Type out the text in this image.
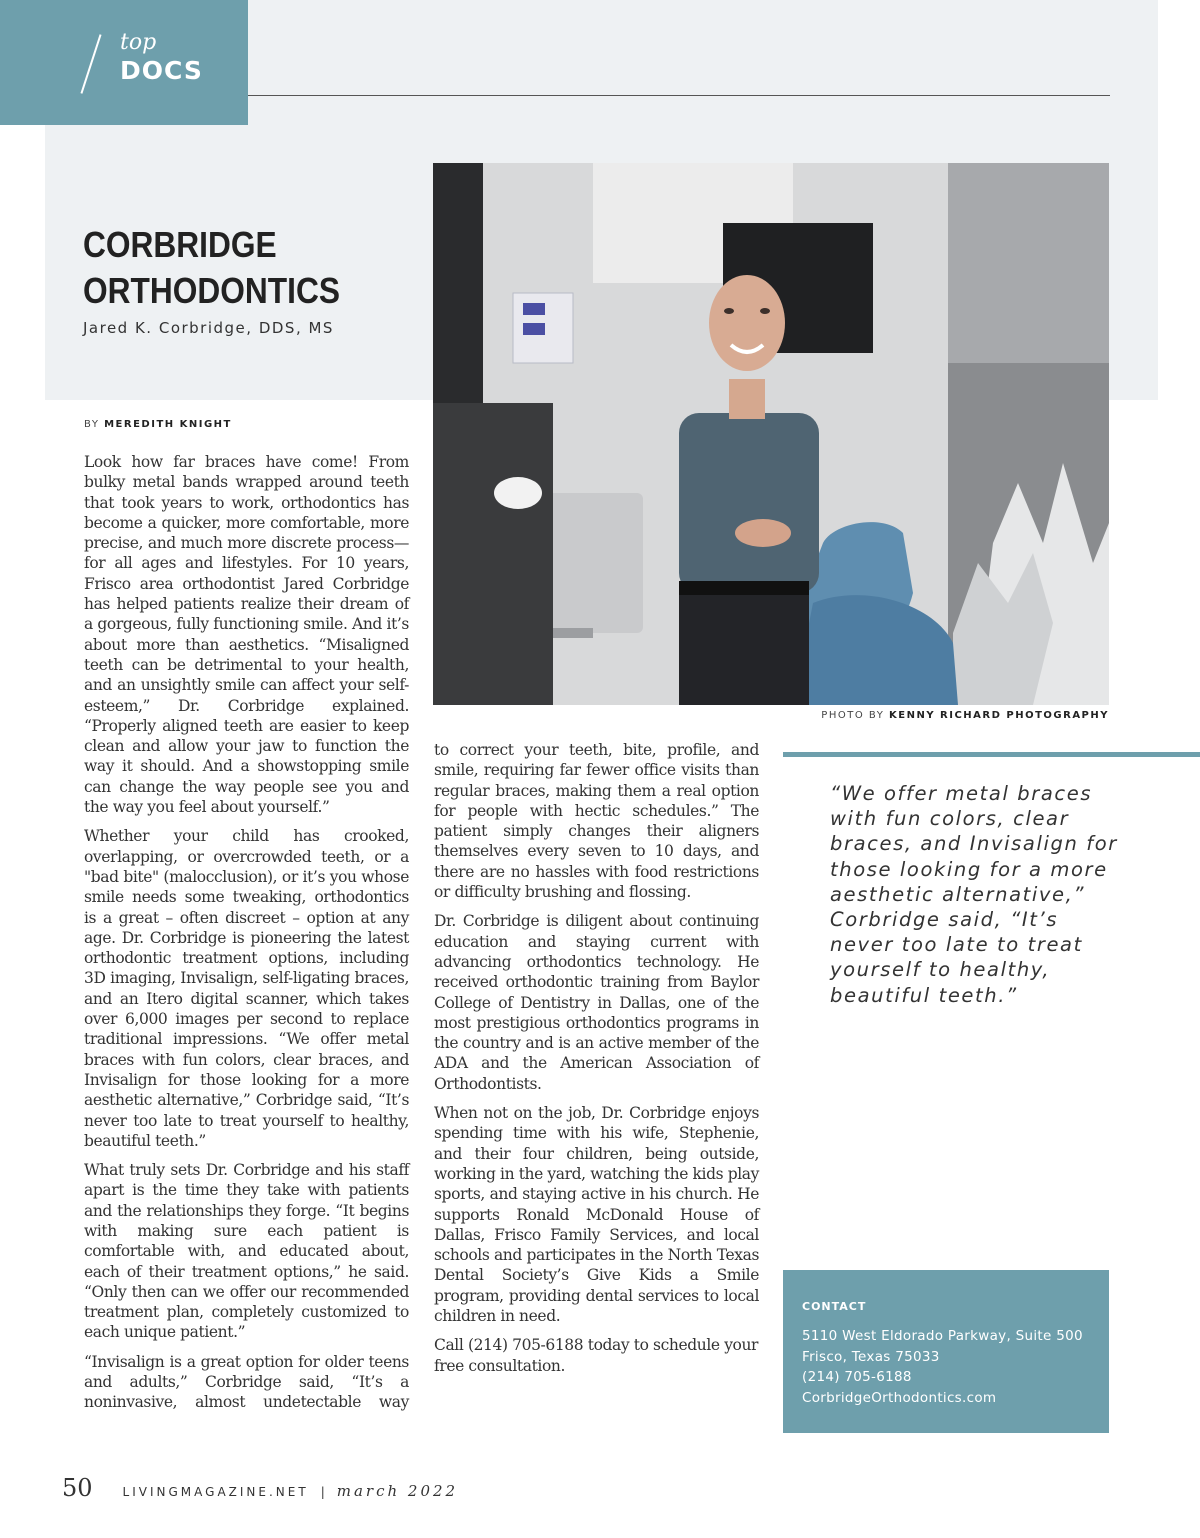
top
DOCS
CORBRIDGE
ORTHODONTICS
Jared K. Corbridge, DDS, MS
PHOTO BY KENNY RICHARD PHOTOGRAPHY
BY MEREDITH KNIGHT

Look how far braces have come! From bulky metal bands wrapped around teeth that took years to work, orthodontics has become a quicker, more comfortable, more precise, and much more discrete process—for all ages and lifestyles. For 10 years, Frisco area orthodontist Jared Corbridge has helped patients realize their dream of a gorgeous, fully functioning smile. And it’s about more than aesthetics. “Misaligned teeth can be detrimental to your health, and an unsightly smile can affect your self-esteem,” Dr. Corbridge explained. “Properly aligned teeth are easier to keep clean and allow your jaw to function the way it should. And a showstopping smile can change the way people see you and the way you feel about yourself.”

Whether your child has crooked, overlapping, or overcrowded teeth, or a "bad bite" (malocclusion), or it’s you whose smile needs some tweaking, orthodontics is a great – often discreet – option at any age. Dr. Corbridge is pioneering the latest orthodontic treatment options, including 3D imaging, Invisalign, self-ligating braces, and an Itero digital scanner, which takes over 6,000 images per second to replace traditional impressions. “We offer metal braces with fun colors, clear braces, and Invisalign for those looking for a more aesthetic alternative,” Corbridge said, “It’s never too late to treat yourself to healthy, beautiful teeth.”

What truly sets Dr. Corbridge and his staff apart is the time they take with patients and the relationships they forge. “It begins with making sure each patient is comfortable with, and educated about, each of their treatment options,” he said. “Only then can we offer our recommended treatment plan, completely customized to each unique patient.”

“Invisalign is a great option for older teens and adults,” Corbridge said, “It’s a noninvasive, almost undetectable way

to correct your teeth, bite, profile, and smile, requiring far fewer office visits than regular braces, making them a real option for people with hectic schedules.” The patient simply changes their aligners themselves every seven to 10 days, and there are no hassles with food restrictions or difficulty brushing and flossing.

Dr. Corbridge is diligent about continuing education and staying current with advancing orthodontics technology. He received orthodontic training from Baylor College of Dentistry in Dallas, one of the most prestigious orthodontics programs in the country and is an active member of the ADA and the American Association of Orthodontists.

When not on the job, Dr. Corbridge enjoys spending time with his wife, Stephenie, and their four children, being outside, working in the yard, watching the kids play sports, and staying active in his church. He supports Ronald McDonald House of Dallas, Frisco Family Services, and local schools and participates in the North Texas Dental Society’s Give Kids a Smile program, providing dental services to local children in need.

Call (214) 705-6188 today to schedule your free consultation.

“We offer metal braces with fun colors, clear braces, and Invisalign for those looking for a more aesthetic alternative,” Corbridge said, “It’s never too late to treat yourself to healthy, beautiful teeth.”
CONTACT
5110 West Eldorado Parkway, Suite 500
Frisco, Texas 75033
(214) 705-6188
CorbridgeOrthodontics.com
50	LIVINGMAGAZINE.NET | march 2022
